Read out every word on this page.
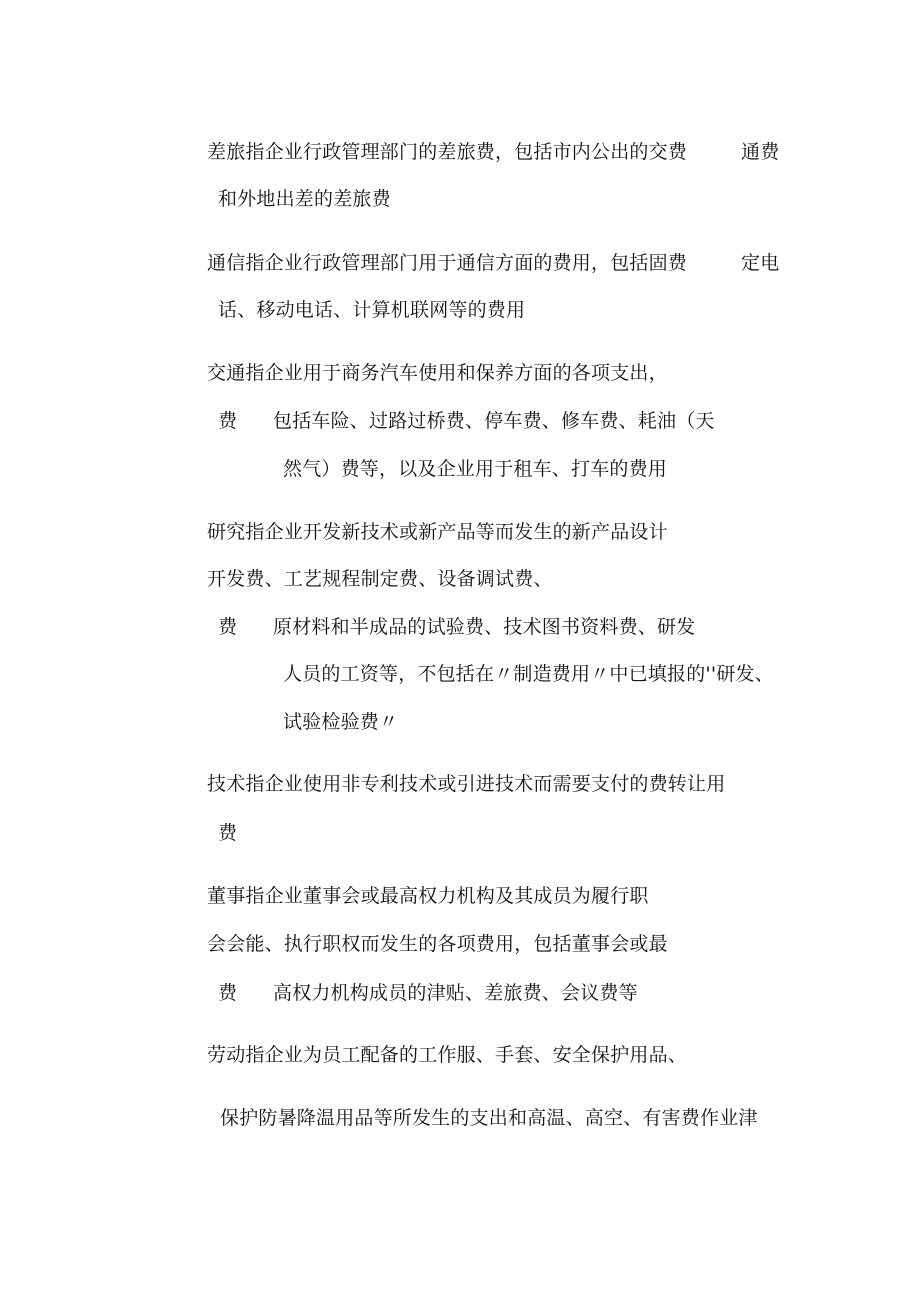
差旅指企业行政管理部门的差旅费，包括市内公出的交费	通费
和外地出差的差旅费
通信指企业行政管理部门用于通信方面的费用，包括固费	定电
话、移动电话、计算机联网等的费用
交通指企业用于商务汽车使用和保养方面的各项支出，
费 包括车险、过路过桥费、停车费、修车费、耗油（天
然气）费等，以及企业用于租车、打车的费用
研究指企业开发新技术或新产品等而发生的新产品设计
开发费、工艺规程制定费、设备调试费、
费 原材料和半成品的试验费、技术图书资料费、研发
人员的工资等，不包括在〃制造费用〃中已填报的''研发、
试验检验费〃
技术指企业使用非专利技术或引进技术而需要支付的费转让用
费
董事指企业董事会或最高权力机构及其成员为履行职
会会能、执行职权而发生的各项费用，包括董事会或最
费 高权力机构成员的津贴、差旅费、会议费等
劳动指企业为员工配备的工作服、手套、安全保护用品、
保护防暑降温用品等所发生的支出和高温、高空、有害费作业津
